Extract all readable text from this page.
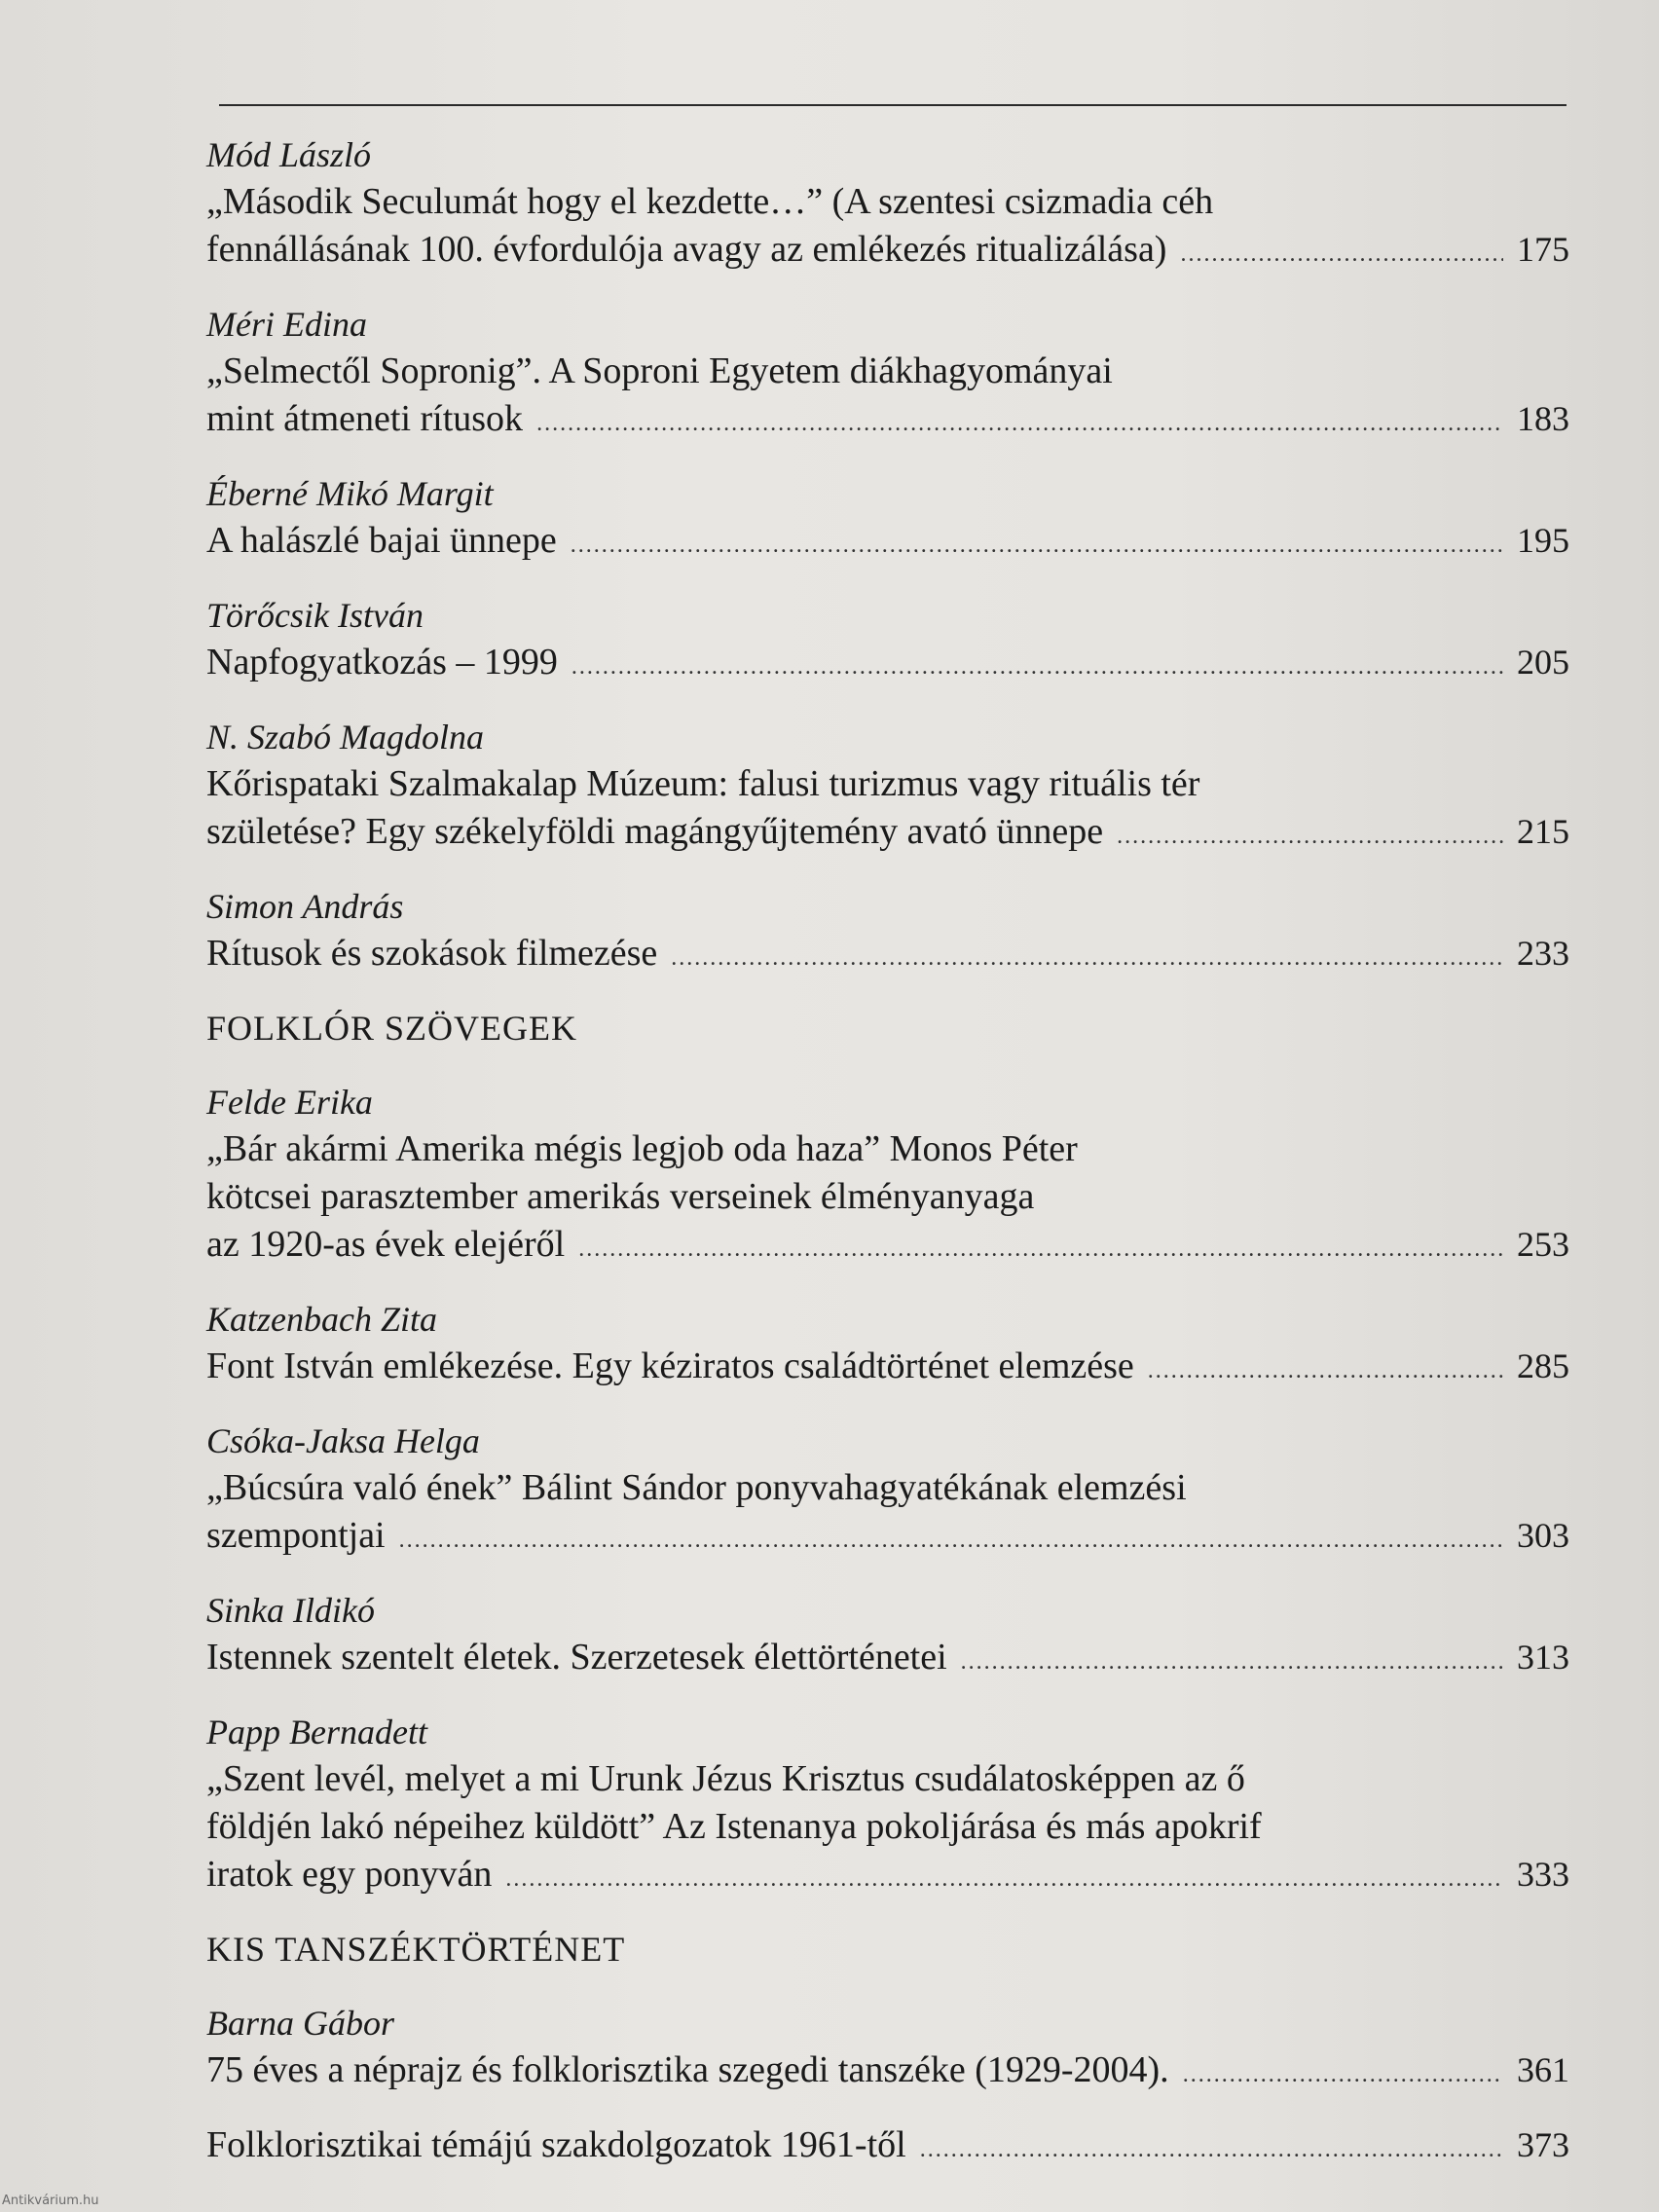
Mód László
„Második Seculumát hogy el kezdette…” (A szentesi csizmadia céh
fennállásának 100. évfordulója avagy az emlékezés ritualizálása) . . .	175
Méri Edina
„Selmectől Sopronig”. A Soproni Egyetem diákhagyományai
mint átmeneti rítusok . . .	183
Éberné Mikó Margit
A halászlé bajai ünnepe . . .	195
Törőcsik István
Napfogyatkozás – 1999 . . .	205
N. Szabó Magdolna
Kőrispataki Szalmakalap Múzeum: falusi turizmus vagy rituális tér
születése? Egy székelyföldi magángyűjtemény avató ünnepe . . .	215
Simon András
Rítusok és szokások filmezése . . .	233
FOLKLÓR SZÖVEGEK
Felde Erika
„Bár akármi Amerika mégis legjob oda haza” Monos Péter
kötcsei parasztember amerikás verseinek élményanyaga
az 1920-as évek elejéről . . .	253
Katzenbach Zita
Font István emlékezése. Egy kéziratos családtörténet elemzése . . .	285
Csóka-Jaksa Helga
„Búcsúra való ének” Bálint Sándor ponyvahagyatékának elemzési
szempontjai . . .	303
Sinka Ildikó
Istennek szentelt életek. Szerzetesek élettörténetei . . .	313
Papp Bernadett
„Szent levél, melyet a mi Urunk Jézus Krisztus csudálatosképpen az ő
földjén lakó népeihez küldött” Az Istenanya pokoljárása és más apokrif
iratok egy ponyván . . .	333
KIS TANSZÉKTÖRTÉNET
Barna Gábor
75 éves a néprajz és folklorisztika szegedi tanszéke (1929-2004). . . .	361
Folklorisztikai témájú szakdolgozatok 1961-től . . .	373
Antikvárium.hu
